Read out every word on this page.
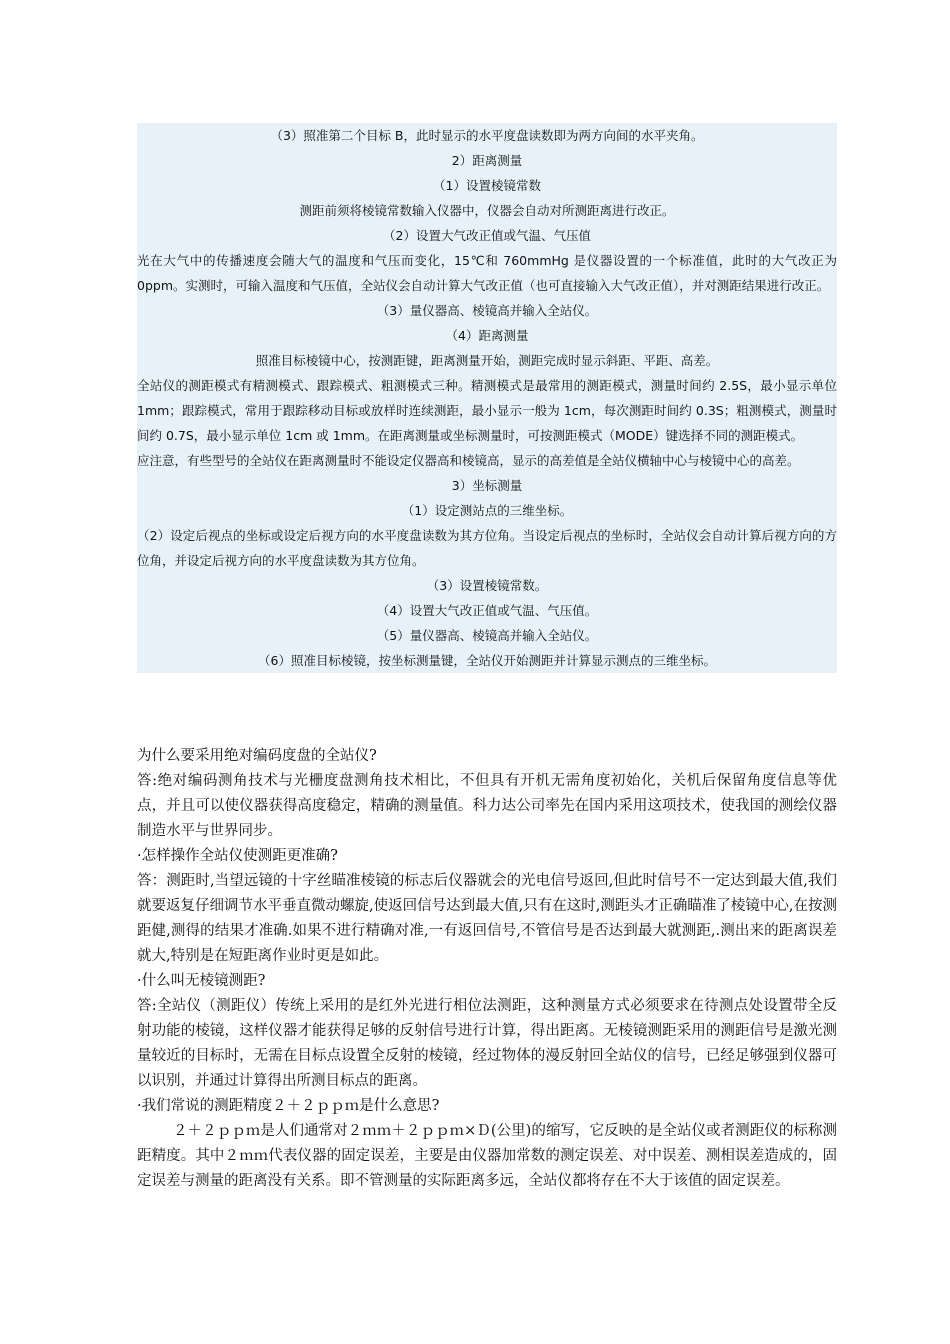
（3）照准第二个目标 B，此时显示的水平度盘读数即为两方向间的水平夹角。
2）距离测量
（1）设置棱镜常数
测距前须将棱镜常数输入仪器中，仪器会自动对所测距离进行改正。
（2）设置大气改正值或气温、气压值
光在大气中的传播速度会随大气的温度和气压而变化，15℃和 760mmHg 是仪器设置的一个标准值，此时的大气改正为 0ppm。实测时，可输入温度和气压值，全站仪会自动计算大气改正值（也可直接输入大气改正值），并对测距结果进行改正。
（3）量仪器高、棱镜高并输入全站仪。
（4）距离测量
照准目标棱镜中心，按测距键，距离测量开始，测距完成时显示斜距、平距、高差。
全站仪的测距模式有精测模式、跟踪模式、粗测模式三种。精测模式是最常用的测距模式，测量时间约 2.5S，最小显示单位 1mm；跟踪模式，常用于跟踪移动目标或放样时连续测距，最小显示一般为 1cm，每次测距时间约 0.3S；粗测模式，测量时间约 0.7S，最小显示单位 1cm 或 1mm。在距离测量或坐标测量时，可按测距模式（MODE）键选择不同的测距模式。
应注意，有些型号的全站仪在距离测量时不能设定仪器高和棱镜高，显示的高差值是全站仪横轴中心与棱镜中心的高差。
3）坐标测量
（1）设定测站点的三维坐标。
（2）设定后视点的坐标或设定后视方向的水平度盘读数为其方位角。当设定后视点的坐标时，全站仪会自动计算后视方向的方位角，并设定后视方向的水平度盘读数为其方位角。
（3）设置棱镜常数。
（4）设置大气改正值或气温、气压值。
（5）量仪器高、棱镜高并输入全站仪。
（6）照准目标棱镜，按坐标测量键，全站仪开始测距并计算显示测点的三维坐标。

为什么要采用绝对编码度盘的全站仪?

答:绝对编码测角技术与光栅度盘测角技术相比，不但具有开机无需角度初始化，关机后保留角度信息等优点，并且可以使仪器获得高度稳定，精确的测量值。科力达公司率先在国内采用这项技术，使我国的测绘仪器制造水平与世界同步。

·怎样操作全站仪使测距更准确?

答：测距时,当望远镜的十字丝瞄准棱镜的标志后仪器就会的光电信号返回,但此时信号不一定达到最大值,我们就要返复仔细调节水平垂直微动螺旋,使返回信号达到最大值,只有在这时,测距头才正确瞄准了棱镜中心,在按测距健,测得的结果才准确.如果不进行精确对准,一有返回信号,不管信号是否达到最大就测距,.测出来的距离误差就大,特别是在短距离作业时更是如此。

·什么叫无棱镜测距?

答:全站仪（测距仪）传统上采用的是红外光进行相位法测距，这种测量方式必须要求在待测点处设置带全反射功能的棱镜，这样仪器才能获得足够的反射信号进行计算，得出距离。无棱镜测距采用的测距信号是激光测量较近的目标时，无需在目标点设置全反射的棱镜，经过物体的漫反射回全站仪的信号，已经足够强到仪器可以识别，并通过计算得出所测目标点的距离。

·我们常说的测距精度２＋２ｐｐｍ是什么意思?

２＋２ｐｐｍ是人们通常对２ｍｍ＋２ｐｐｍ×Ｄ(公里)的缩写，它反映的是全站仪或者测距仪的标称测距精度。其中２ｍｍ代表仪器的固定误差，主要是由仪器加常数的测定误差、对中误差、测相误差造成的，固定误差与测量的距离没有关系。即不管测量的实际距离多远，全站仪都将存在不大于该值的固定误差。
